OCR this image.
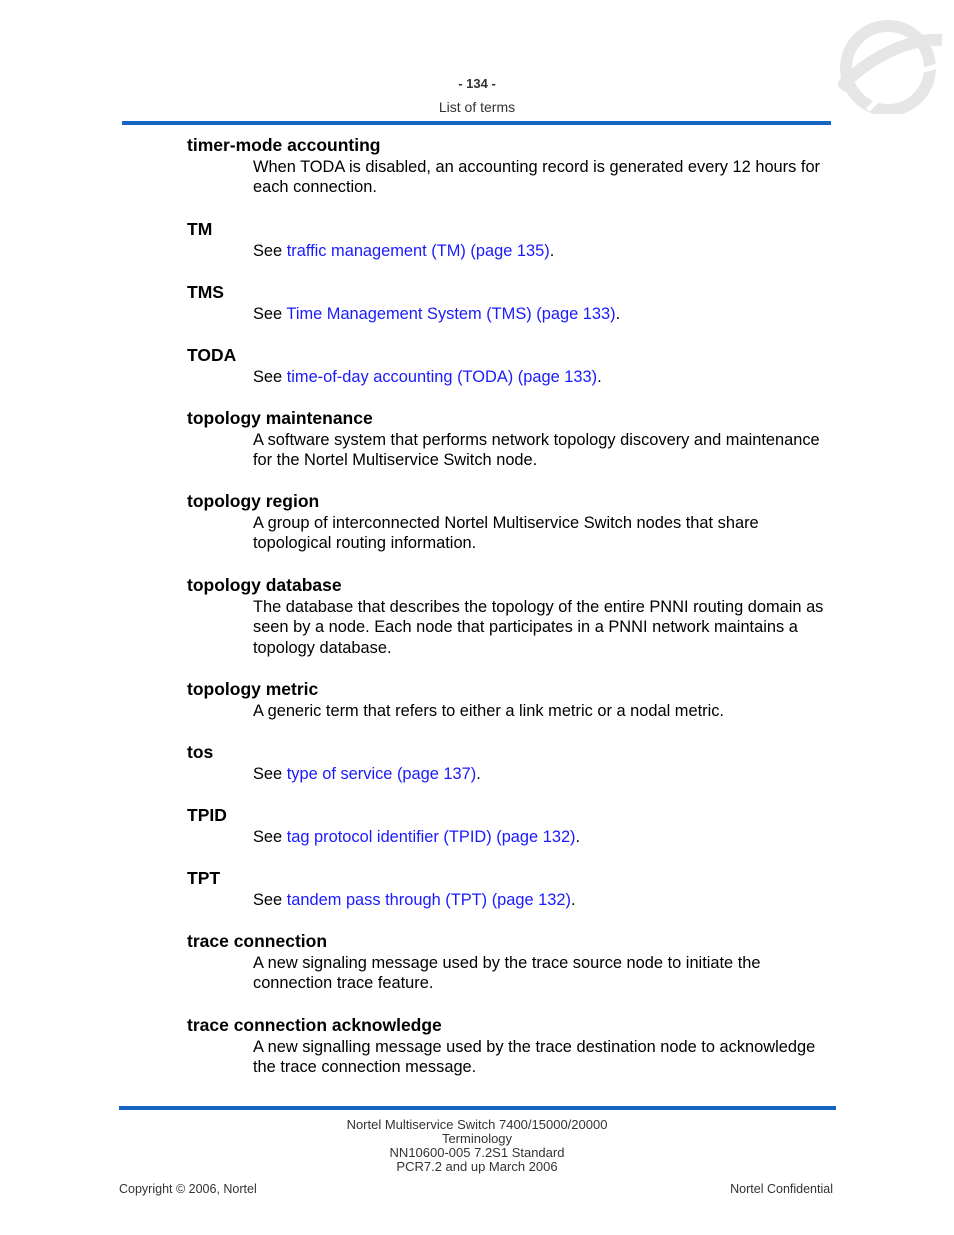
- 134 -
List of terms

timer-mode accounting

When TODA is disabled, an accounting record is generated every 12 hours for each connection.

TM

See traffic management (TM) (page 135).

TMS

See Time Management System (TMS) (page 133).

TODA

See time-of-day accounting (TODA) (page 133).

topology maintenance

A software system that performs network topology discovery and maintenance for the Nortel Multiservice Switch node.

topology region

A group of interconnected Nortel Multiservice Switch nodes that share topological routing information.

topology database

The database that describes the topology of the entire PNNI routing domain as seen by a node. Each node that participates in a PNNI network maintains a topology database.

topology metric

A generic term that refers to either a link metric or a nodal metric.

tos

See type of service (page 137).

TPID

See tag protocol identifier (TPID) (page 132).

TPT

See tandem pass through (TPT) (page 132).

trace connection

A new signaling message used by the trace source node to initiate the connection trace feature.

trace connection acknowledge

A new signalling message used by the trace destination node to acknowledge the trace connection message.

Nortel Multiservice Switch 7400/15000/20000
Terminology
NN10600-005 7.2S1 Standard
PCR7.2 and up March 2006
Copyright © 2006, Nortel	Nortel Confidential
